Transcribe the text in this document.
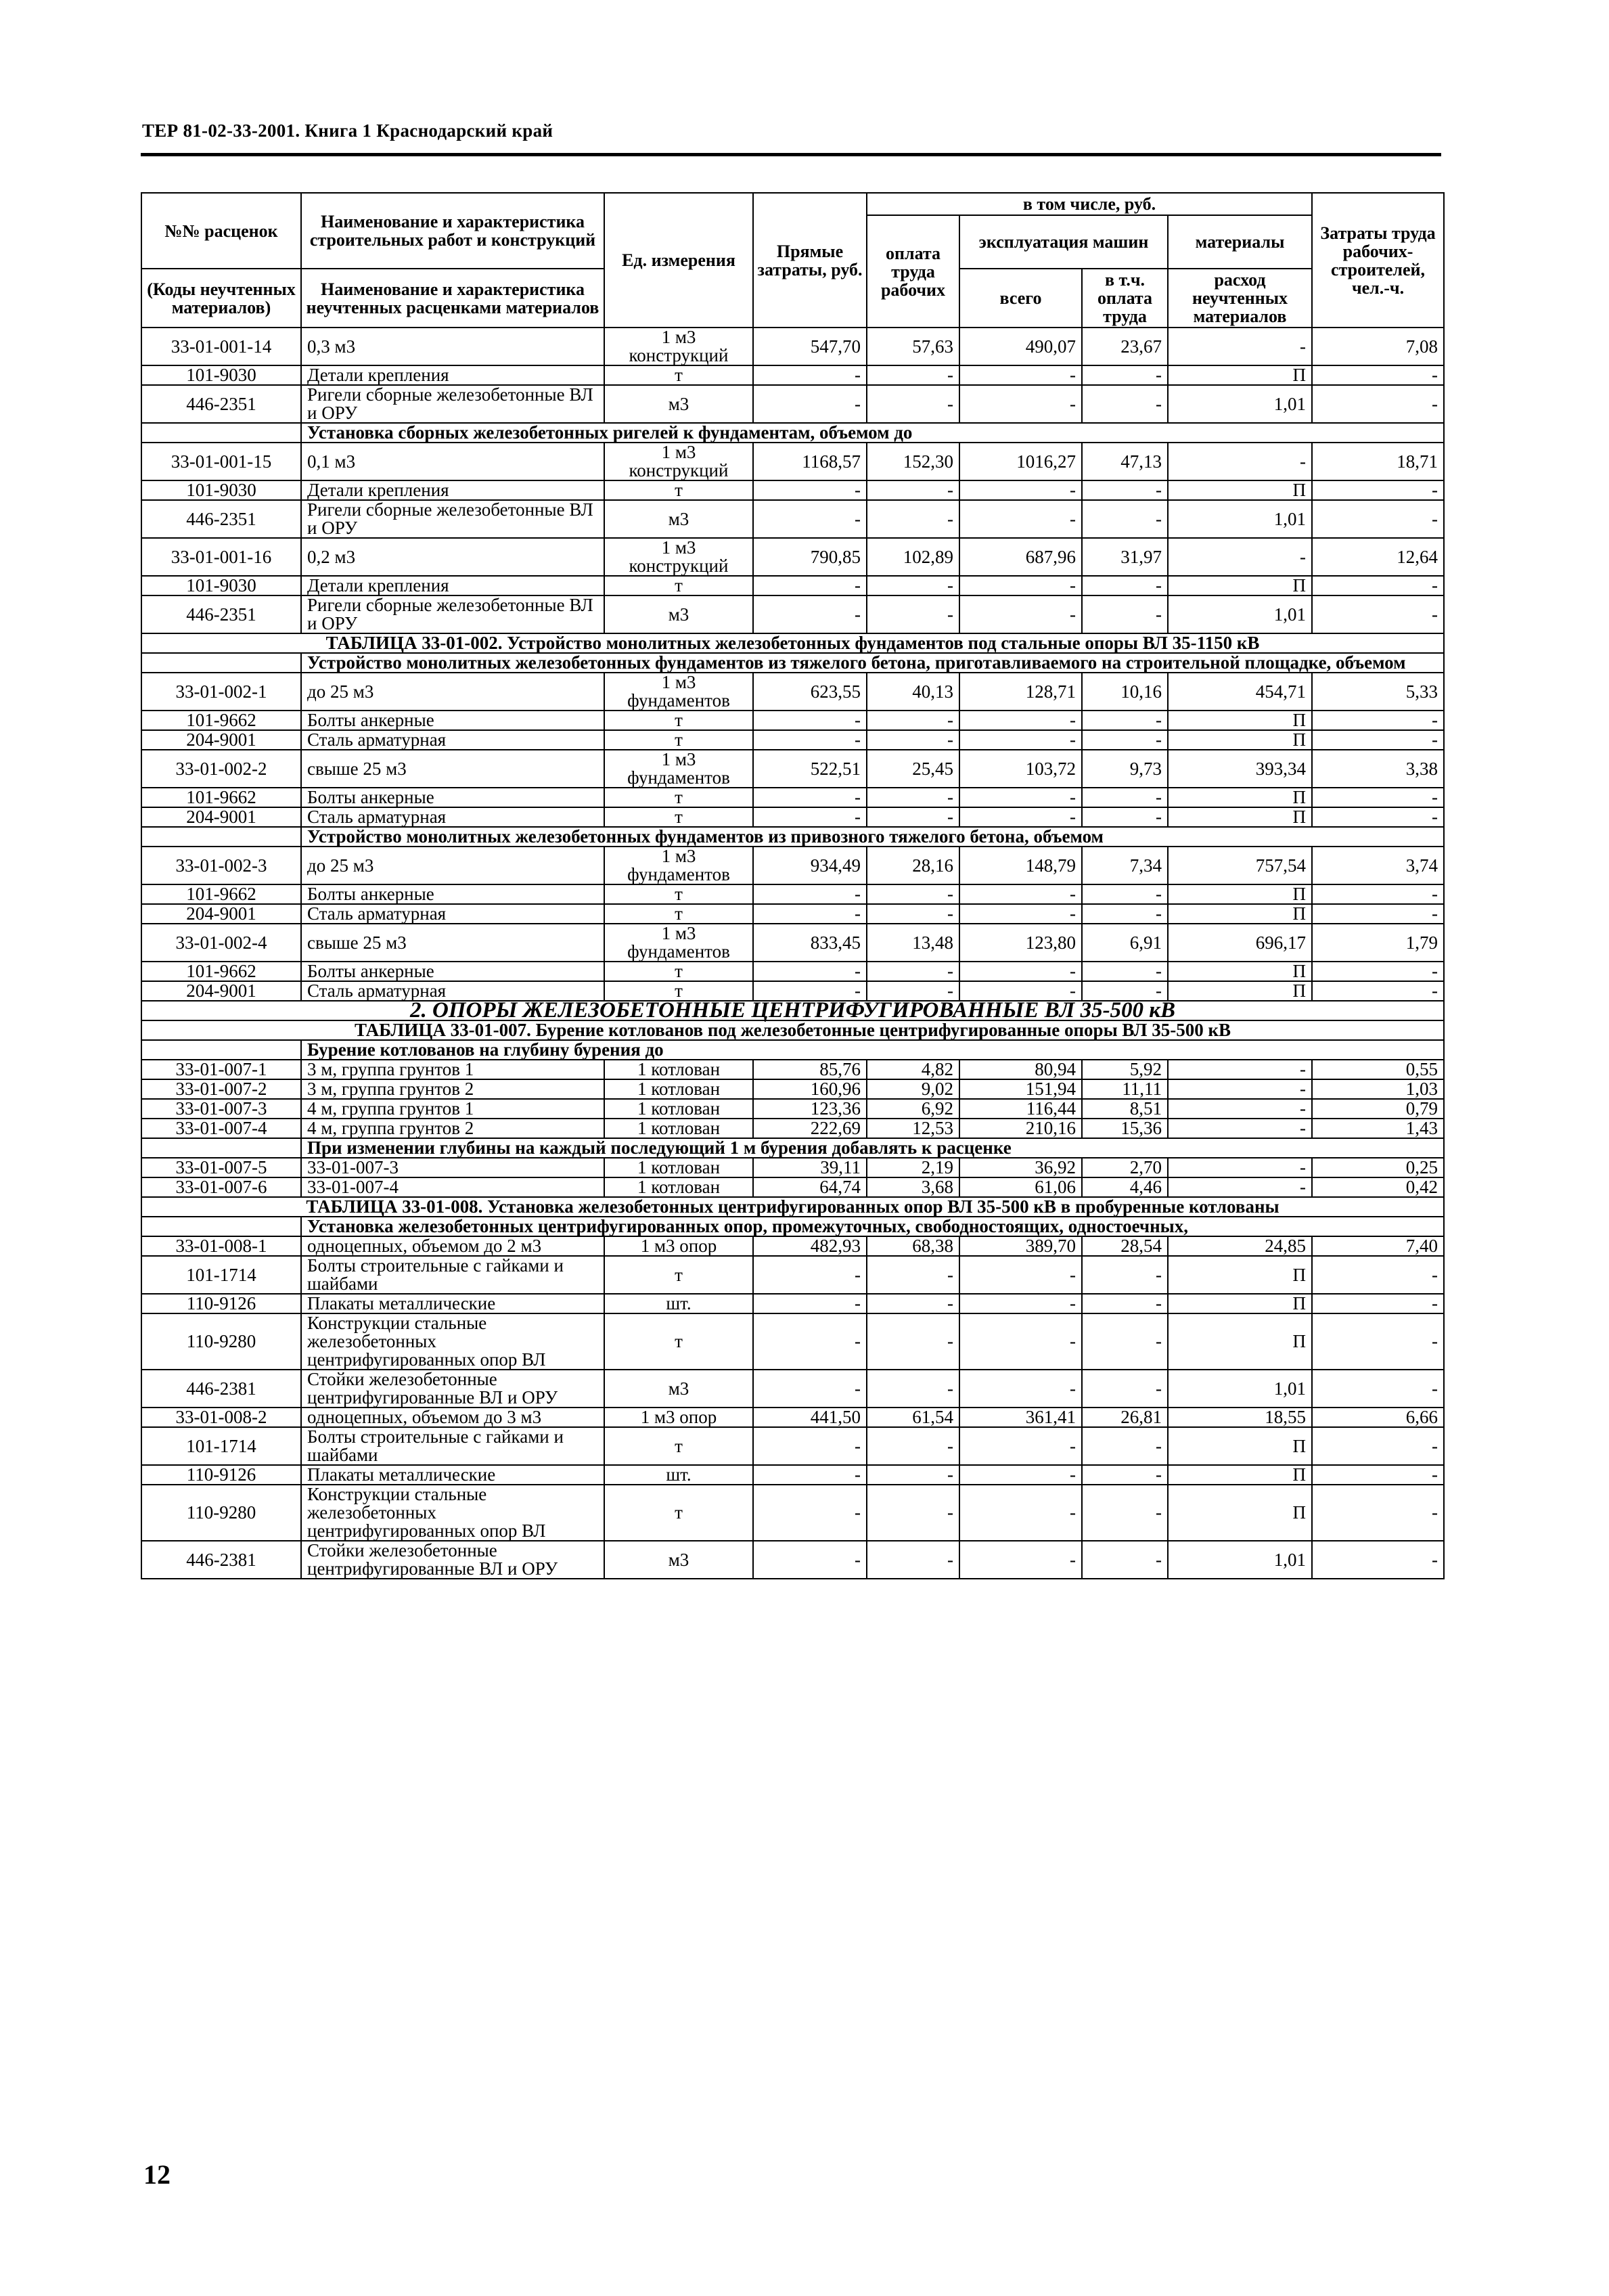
ТЕР 81-02-33-2001. Книга 1 Краснодарский край
№№ расценок	Наименование и характеристика строительных работ и конструкций	Ед. измерения	Прямые затраты, руб.	в том числе, руб.				Затраты труда рабочих-строителей, чел.-ч.
				оплата труда рабочих	эксплуатация машин		материалы	
(Коды неучтенных материалов)	Наименование и характеристика неучтенных расценками материалов				всего	в т.ч. оплата труда		
							расход неучтенных материалов	
33-01-001-14	0,3 м3	1 м3 конструкций	547,70	57,63	490,07	23,67	-	7,08
101-9030	Детали крепления	т	-	-	-	-	П	-
446-2351	Ригели сборные железобетонные ВЛ и ОРУ	м3	-	-	-	-	1,01	-
	Установка сборных железобетонных ригелей к фундаментам, объемом до							
33-01-001-15	0,1 м3	1 м3 конструкций	1168,57	152,30	1016,27	47,13	-	18,71
101-9030	Детали крепления	т	-	-	-	-	П	-
446-2351	Ригели сборные железобетонные ВЛ и ОРУ	м3	-	-	-	-	1,01	-
33-01-001-16	0,2 м3	1 м3 конструкций	790,85	102,89	687,96	31,97	-	12,64
101-9030	Детали крепления	т	-	-	-	-	П	-
446-2351	Ригели сборные железобетонные ВЛ и ОРУ	м3	-	-	-	-	1,01	-
ТАБЛИЦА 33-01-002. Устройство монолитных железобетонных фундаментов под стальные опоры ВЛ 35-1150 кВ								
	Устройство монолитных железобетонных фундаментов из тяжелого бетона, приготавливаемого на строительной площадке, объемом							
33-01-002-1	до 25 м3	1 м3 фундаментов	623,55	40,13	128,71	10,16	454,71	5,33
101-9662	Болты анкерные	т	-	-	-	-	П	-
204-9001	Сталь арматурная	т	-	-	-	-	П	-
33-01-002-2	свыше 25 м3	1 м3 фундаментов	522,51	25,45	103,72	9,73	393,34	3,38
101-9662	Болты анкерные	т	-	-	-	-	П	-
204-9001	Сталь арматурная	т	-	-	-	-	П	-
	Устройство монолитных железобетонных фундаментов из привозного тяжелого бетона, объемом							
33-01-002-3	до 25 м3	1 м3 фундаментов	934,49	28,16	148,79	7,34	757,54	3,74
101-9662	Болты анкерные	т	-	-	-	-	П	-
204-9001	Сталь арматурная	т	-	-	-	-	П	-
33-01-002-4	свыше 25 м3	1 м3 фундаментов	833,45	13,48	123,80	6,91	696,17	1,79
101-9662	Болты анкерные	т	-	-	-	-	П	-
204-9001	Сталь арматурная	т	-	-	-	-	П	-
2. ОПОРЫ ЖЕЛЕЗОБЕТОННЫЕ ЦЕНТРИФУГИРОВАННЫЕ ВЛ 35-500 кВ								
ТАБЛИЦА 33-01-007. Бурение котлованов под железобетонные центрифугированные опоры ВЛ 35-500 кВ								
	Бурение котлованов на глубину бурения до							
33-01-007-1	3 м, группа грунтов 1	1 котлован	85,76	4,82	80,94	5,92	-	0,55
33-01-007-2	3 м, группа грунтов 2	1 котлован	160,96	9,02	151,94	11,11	-	1,03
33-01-007-3	4 м, группа грунтов 1	1 котлован	123,36	6,92	116,44	8,51	-	0,79
33-01-007-4	4 м, группа грунтов 2	1 котлован	222,69	12,53	210,16	15,36	-	1,43
	При изменении глубины на каждый последующий 1 м бурения добавлять к расценке							
33-01-007-5	33-01-007-3	1 котлован	39,11	2,19	36,92	2,70	-	0,25
33-01-007-6	33-01-007-4	1 котлован	64,74	3,68	61,06	4,46	-	0,42
ТАБЛИЦА 33-01-008. Установка железобетонных центрифугированных опор ВЛ 35-500 кВ в пробуренные котлованы								
	Установка железобетонных центрифугированных опор, промежуточных, свободностоящих, одностоечных,							
33-01-008-1	одноцепных, объемом до 2 м3	1 м3 опор	482,93	68,38	389,70	28,54	24,85	7,40
101-1714	Болты строительные с гайками и шайбами	т	-	-	-	-	П	-
110-9126	Плакаты металлические	шт.	-	-	-	-	П	-
110-9280	Конструкции стальные железобетонных центрифугированных опор ВЛ	т	-	-	-	-	П	-
446-2381	Стойки железобетонные центрифугированные ВЛ и ОРУ	м3	-	-	-	-	1,01	-
33-01-008-2	одноцепных, объемом до 3 м3	1 м3 опор	441,50	61,54	361,41	26,81	18,55	6,66
101-1714	Болты строительные с гайками и шайбами	т	-	-	-	-	П	-
110-9126	Плакаты металлические	шт.	-	-	-	-	П	-
110-9280	Конструкции стальные железобетонных центрифугированных опор ВЛ	т	-	-	-	-	П	-
446-2381	Стойки железобетонные центрифугированные ВЛ и ОРУ	м3	-	-	-	-	1,01	-
12
